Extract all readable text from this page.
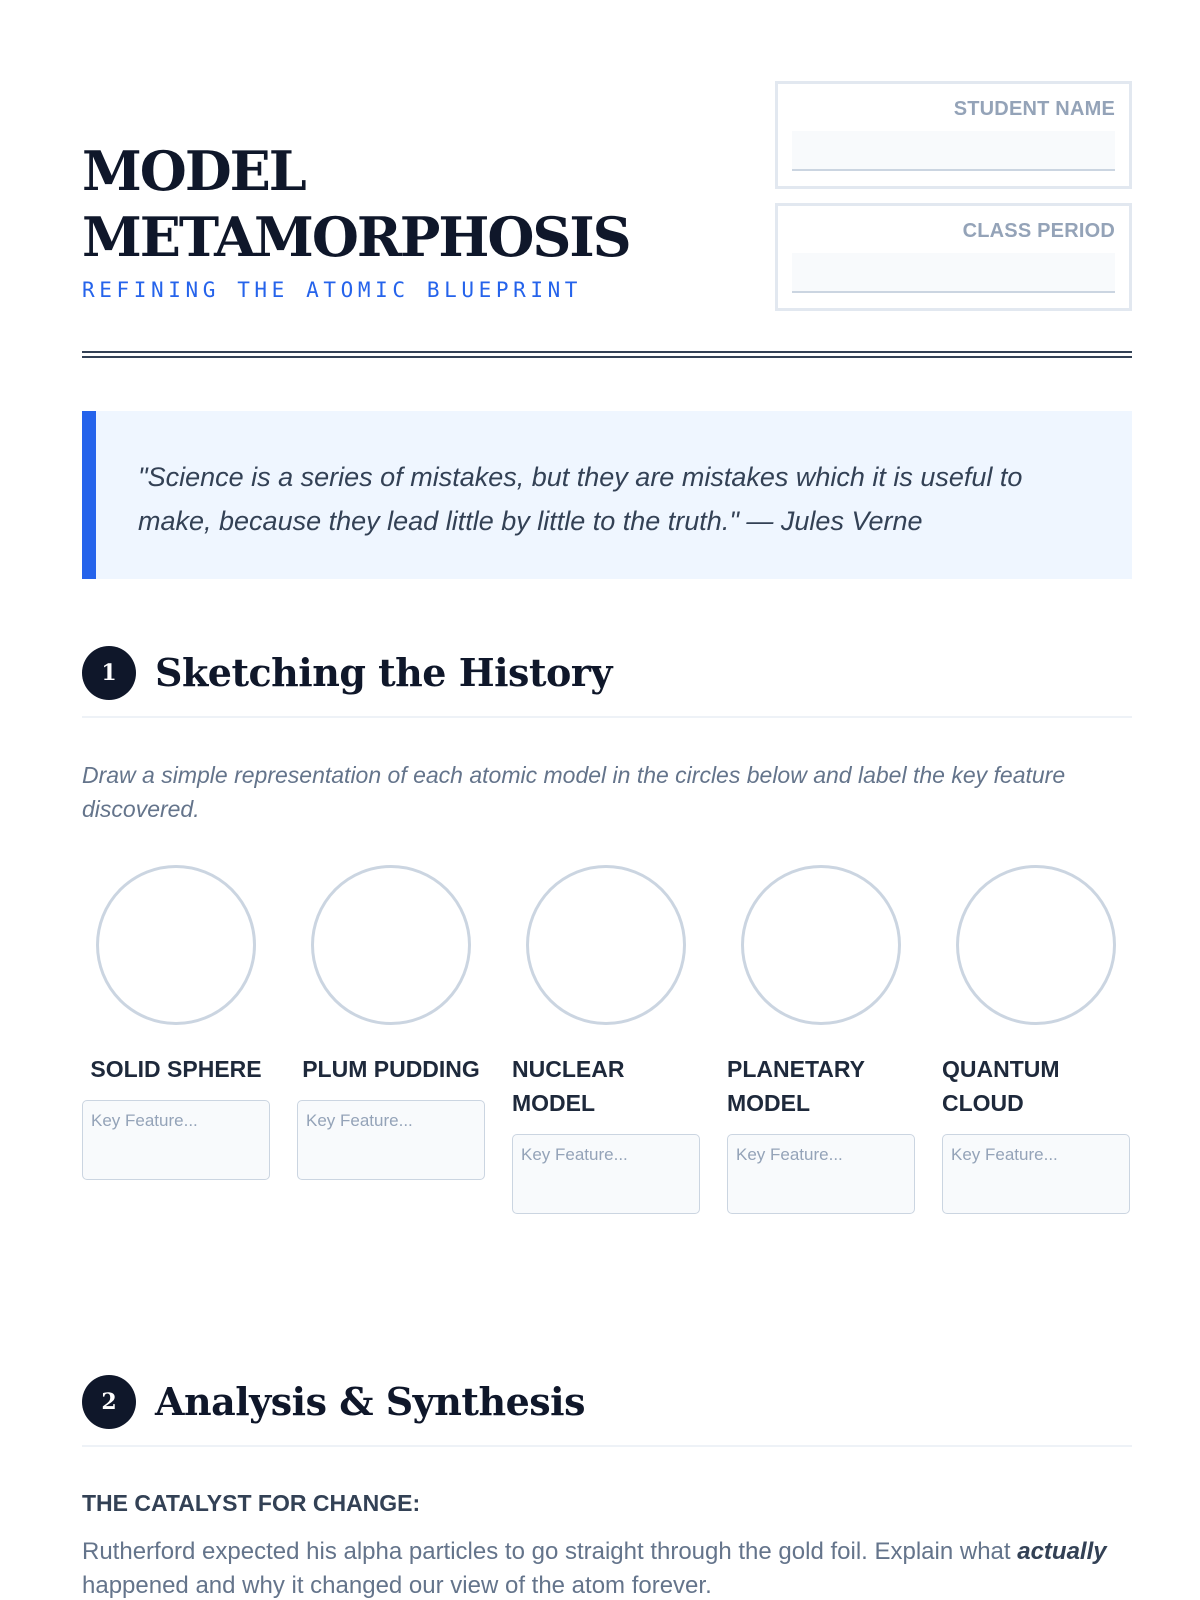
MODEL
METAMORPHOSIS
REFINING THE ATOMIC BLUEPRINT
STUDENT NAME
CLASS PERIOD
"Science is a series of mistakes, but they are mistakes which it is useful to make, because they lead little by little to the truth." — Jules Verne
1	Sketching the History
Draw a simple representation of each atomic model in the circles below and label the key feature discovered.
SOLID SPHERE
Key Feature...	PLUM PUDDING
Key Feature... NUCLEAR MODEL
Key Feature...
PLANETARY MODEL
Key Feature...
QUANTUM CLOUD
Key Feature...
2	Analysis & Synthesis
THE CATALYST FOR CHANGE:
Rutherford expected his alpha particles to go straight through the gold foil. Explain what actually happened and why it changed our view of the atom forever.
